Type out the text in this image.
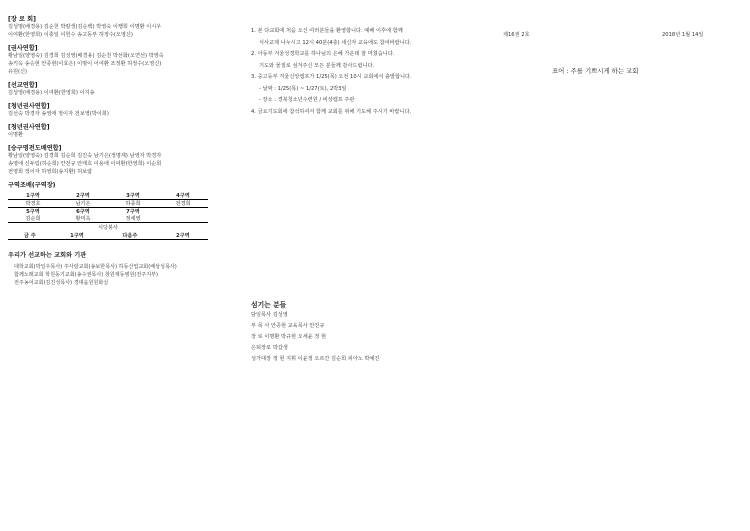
[장 로 회]
김성명(배경용) 김순천 박칼생(김순백) 박영숙 이쨍희 이명환 이시우
이여환(한영희) 이충일 이헌수 송고동부 허정수(오영신)
[권사연합]
황남일(양영숙) 김경희 김성영(배경용) 김순천 박선화(오연선) 박영숙
송키옥 송승현 안종현(이효은) 이명이 이여환 조정환 허정수(오영신)
유원(신)
[선교연합]
김성영(배경용) 이여환(한영희) 이지송
[청년권사연합]
김선숙 박경자 송영애 정이자 전보영(박이희)
[청년권사연합]
이명환
[승구명전도배연합]
황남일(양영숙) 김경희 김순희 김진숙 남기은(정명재) 남영자 박경자
송영애 신두림(하순희) 안전규 안태호 이용애 이여환(한영희) 이순희
전영희 정이자 하영희(송지환) 허보람
구역조배(구역장)
1구역	2구역	3구역	4구역
박경호	남기은	하종희	전경희
5구역	6구역	7구역	
김순희	황미옥	정세영	
식당봉사
금 주	1구역	다음주	2구역
우리가 선교하는 교회와 기관

대학교회(박일우목사) 주사랑교회(송보한목사) 하동산업교회(배상성목사)

함께노래교회 학원동기교회(송수권목사) 창원제동병원(전주지부)

전주농어교회(김진성목사) 경대움원원화실

제16권 2호	2018년 1월 14일
표어 : 주를 기쁘시게 하는 교회

1. 본 다교회에 처음 오신 여러분들을 환영합니다. 예배 이후에 함께

식사교제 나누시고 12시 40분(4층) 새신자 교육에도 참여바랍니다.

2. 아동부 겨울성경학교를 하나님의 은혜 가운데 잘 마쳤습니다.

기도와 물질로 섬겨주신 모든 분들께 감사드립니다.

3. 중고등부 겨울신앙캠프가 1/25(목) 오전 10시 교회에서 출발합니다.

- 날짜 : 1/25(목) ~ 1/27(토), 2박3일

- 장소 : 경북청소년수련원 / 비상캠프 주관

4. 금요기도회에 참석하셔서 함께 교회를 위해 기도해 주시기 바랍니다.

섬기는 분들

담임목사 김성영

부 목 사 안종현 교육목사 안진규

장 로 이명환 박규현 오세윤 정 현

은퇴장로 박갑생

성가대장 정 현 지휘 이윤정 오르간 김순희 피아노 박예진
